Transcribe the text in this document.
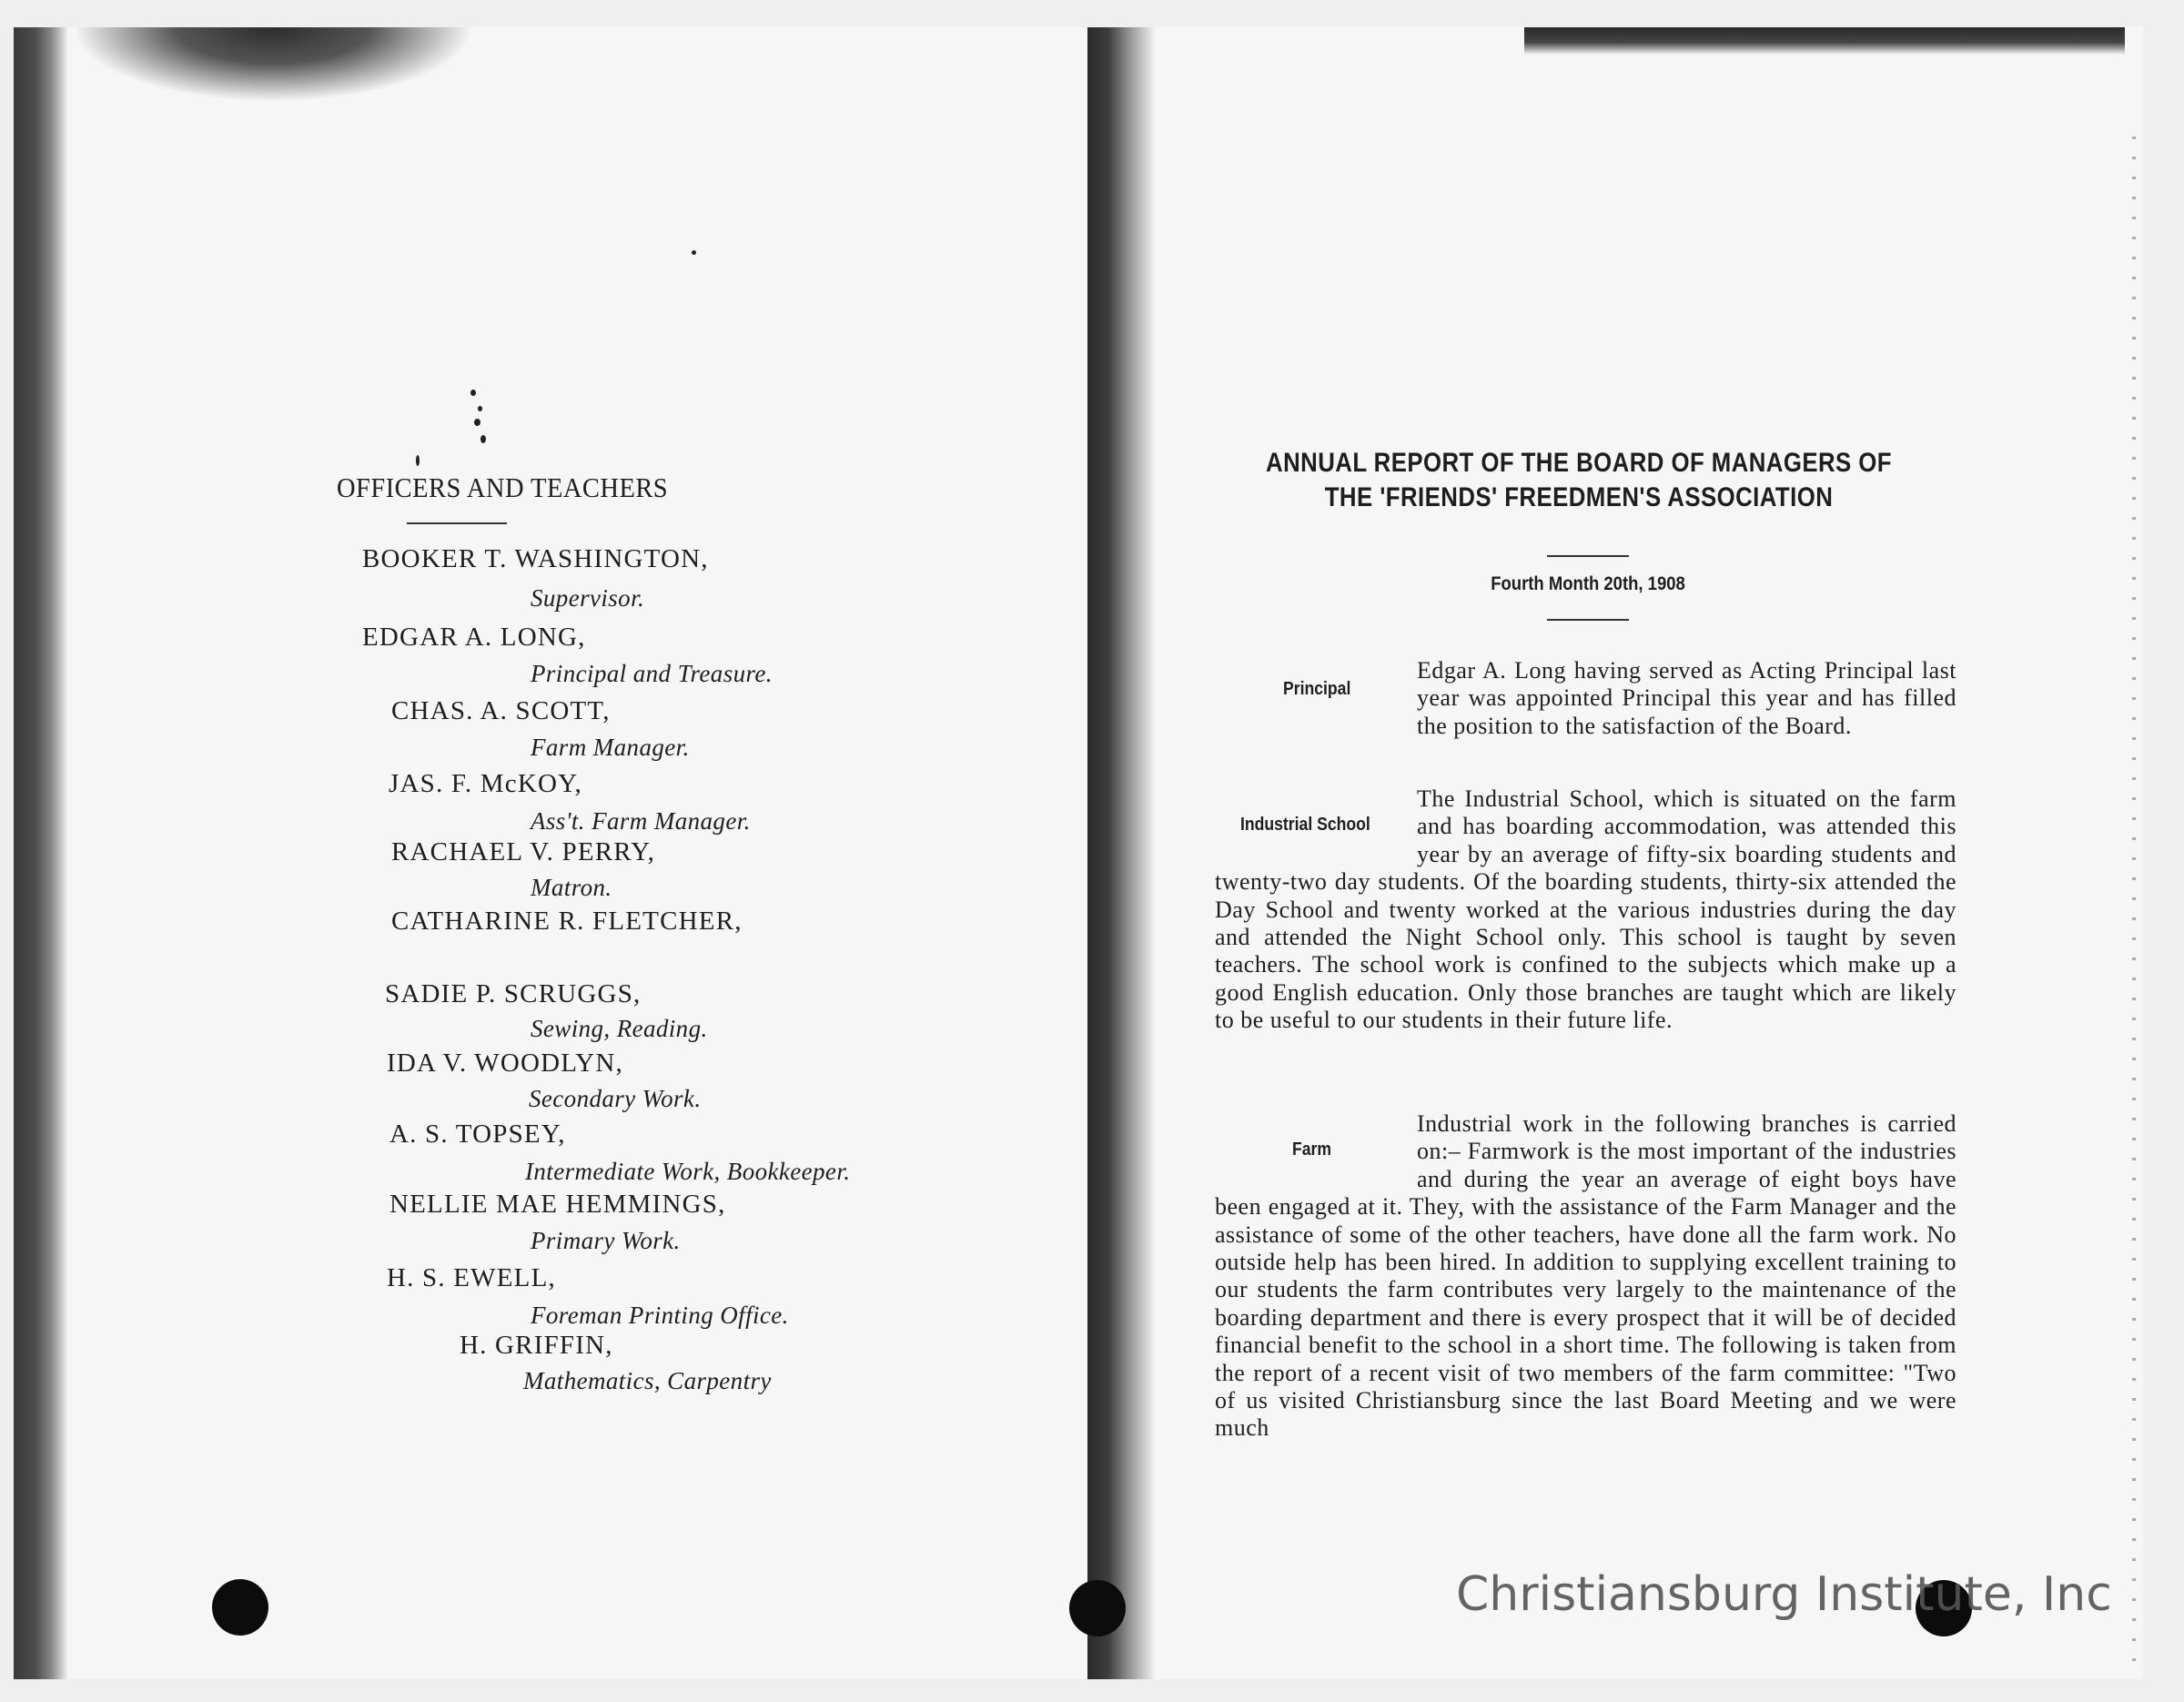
OFFICERS AND TEACHERS
BOOKER T. WASHINGTON,
Supervisor.
EDGAR A. LONG,
Principal and Treasure.
CHAS. A. SCOTT,
Farm Manager.
JAS. F. McKOY,
Ass't. Farm Manager.
RACHAEL V. PERRY,
Matron.
CATHARINE R. FLETCHER,
SADIE P. SCRUGGS,
Sewing, Reading.
IDA V. WOODLYN,
Secondary Work.
A. S. TOPSEY,
Intermediate Work, Bookkeeper.
NELLIE MAE HEMMINGS,
Primary Work.
H. S. EWELL,
Foreman Printing Office.
H. GRIFFIN,
Mathematics, Carpentry
ANNUAL REPORT OF THE BOARD OF MANAGERS OF THE 'FRIENDS' FREEDMEN'S ASSOCIATION
Fourth Month 20th, 1908
Principal
Edgar A. Long having served as Acting Principal last year was appointed Principal this year and has filled the position to the satisfaction of the Board.
Industrial School
The Industrial School, which is situated on the farm and has boarding accommodation, was attended this year by an average of fifty-six boarding students and twenty-two day students. Of the boarding students, thirty-six attended the Day School and twenty worked at the various industries during the day and attended the Night School only. This school is taught by seven teachers. The school work is confined to the subjects which make up a good English education. Only those branches are taught which are likely to be useful to our students in their future life.
Farm
Industrial work in the following branches is carried on:– Farmwork is the most important of the industries and during the year an average of eight boys have been engaged at it. They, with the assistance of the Farm Manager and the assistance of some of the other teachers, have done all the farm work. No outside help has been hired. In addition to supplying excellent training to our students the farm contributes very largely to the maintenance of the boarding department and there is every prospect that it will be of decided financial benefit to the school in a short time. The following is taken from the report of a recent visit of two members of the farm committee: "Two of us visited Christiansburg since the last Board Meeting and we were much
Christiansburg Institute, Inc
